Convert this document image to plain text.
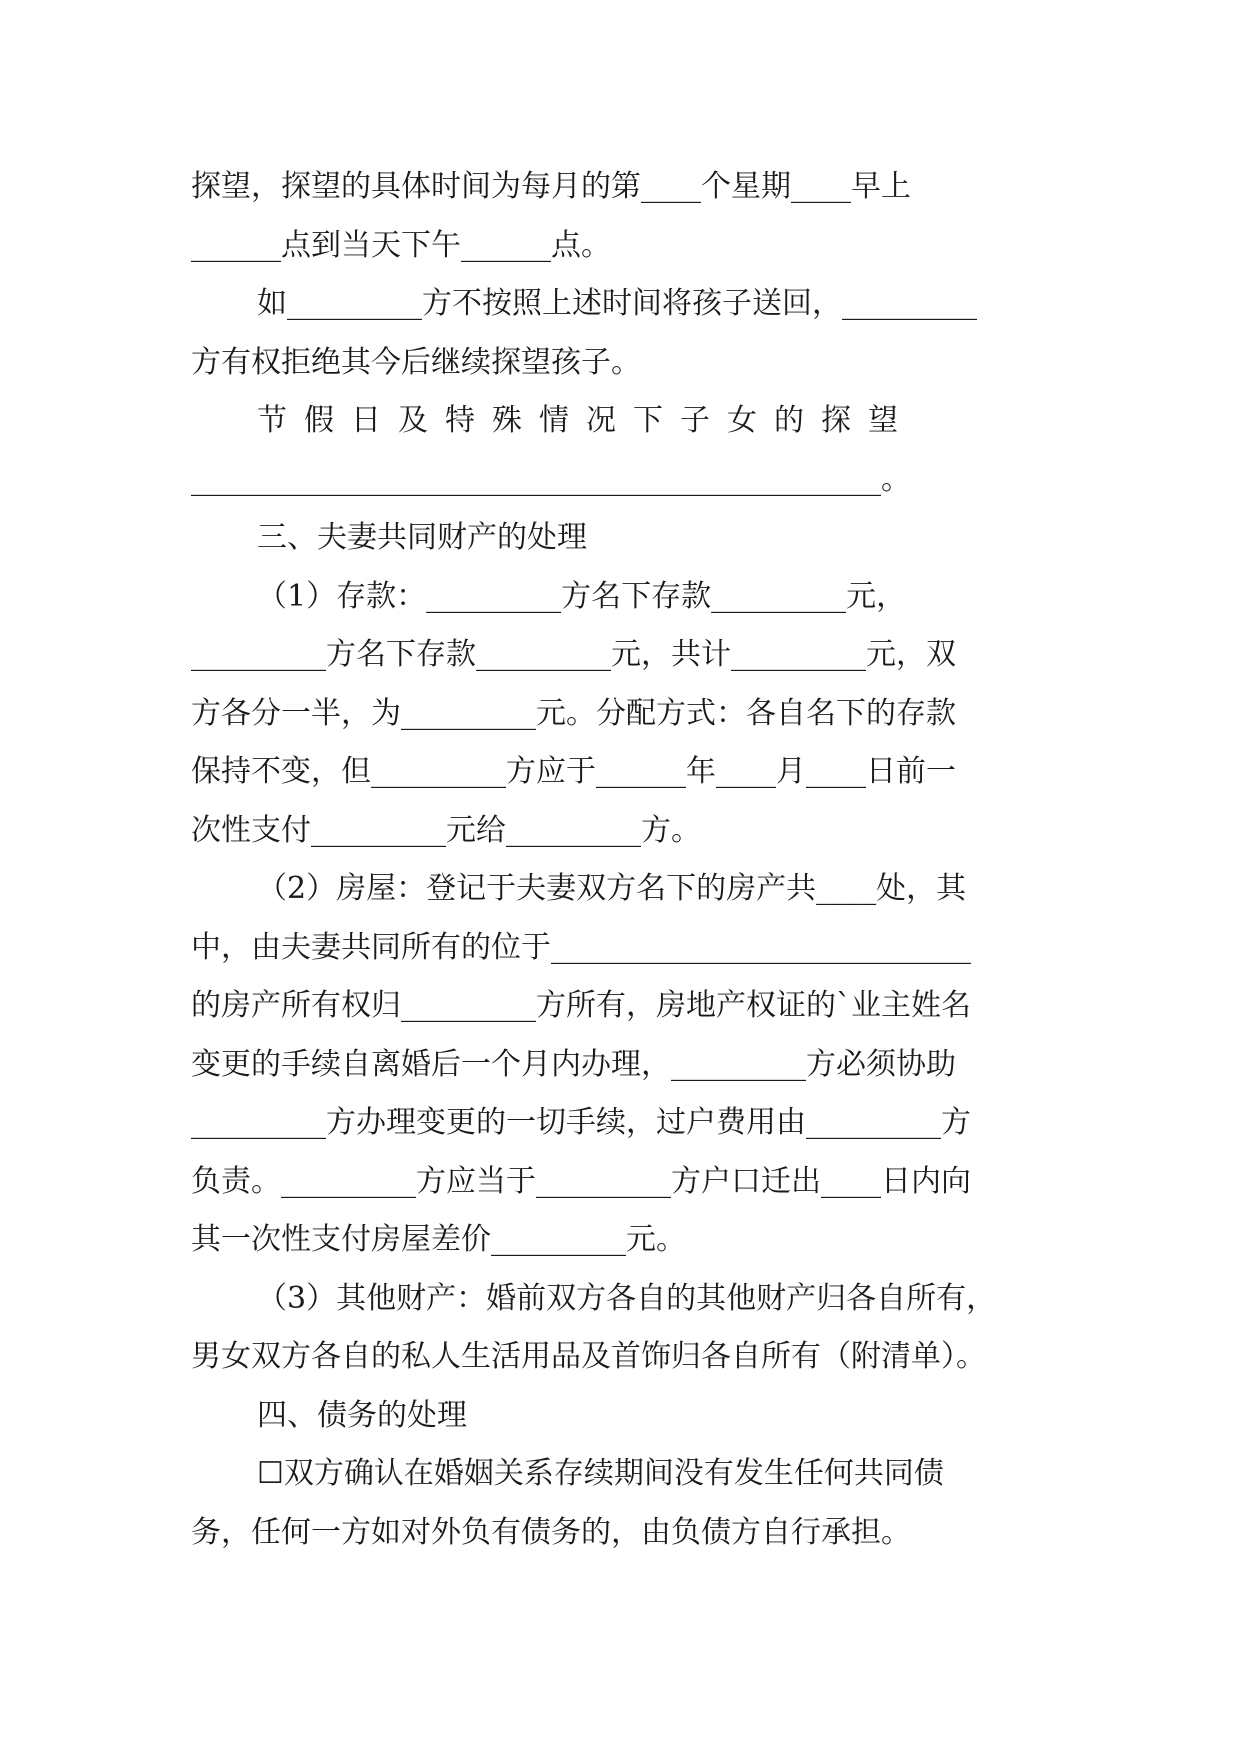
探望，探望的具体时间为每月的第____个星期____早上
______点到当天下午______点。
如_________方不按照上述时间将孩子送回，_________
方有权拒绝其今后继续探望孩子。
节假日及特殊情况下子女的探望
______________________________________________。
三、夫妻共同财产的处理
（1）存款：_________方名下存款_________元，
_________方名下存款_________元，共计_________元，双
方各分一半，为_________元。分配方式：各自名下的存款
保持不变，但_________方应于______年____月____日前一
次性支付_________元给_________方。
（2）房屋：登记于夫妻双方名下的房产共____处，其
中，由夫妻共同所有的位于____________________________
的房产所有权归_________方所有，房地产权证的`业主姓名
变更的手续自离婚后一个月内办理，_________方必须协助
_________方办理变更的一切手续，过户费用由_________方
负责。_________方应当于_________方户口迁出____日内向
其一次性支付房屋差价_________元。
（3）其他财产：婚前双方各自的其他财产归各自所有，
男女双方各自的私人生活用品及首饰归各自所有（附清单）。
四、债务的处理
☐双方确认在婚姻关系存续期间没有发生任何共同债
务，任何一方如对外负有债务的，由负债方自行承担。
